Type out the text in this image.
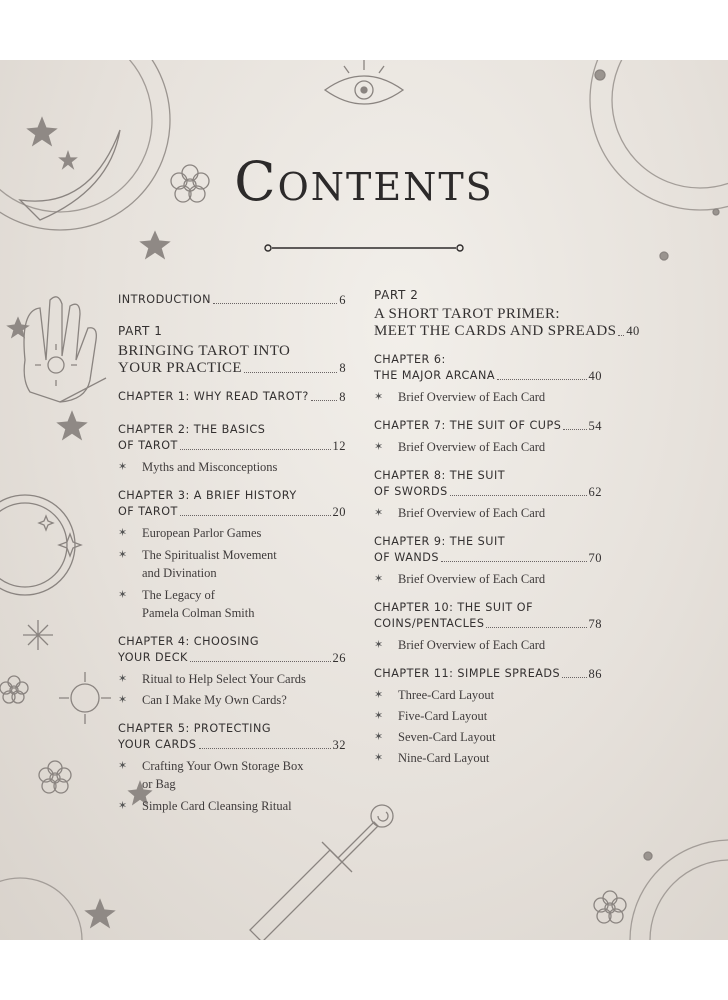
Contents
INTRODUCTION	6
PART 1
BRINGING TAROT INTO
YOUR PRACTICE	8
CHAPTER 1: WHY READ TAROT? 8
CHAPTER 2: THE BASICS
OF TAROT	12
✶	Myths and Misconceptions
CHAPTER 3: A BRIEF HISTORY
OF TAROT	20
✶	European Parlor Games
✶	The Spiritualist Movement
and Divination
✶	The Legacy of
Pamela Colman Smith
CHAPTER 4: CHOOSING
YOUR DECK	26
✶	Ritual to Help Select Your Cards
✶	Can I Make My Own Cards?
CHAPTER 5: PROTECTING
YOUR CARDS	32
✶	Crafting Your Own Storage Box
or Bag
✶	Simple Card Cleansing Ritual
PART 2
A SHORT TAROT PRIMER:
MEET THE CARDS AND SPREADS 40
CHAPTER 6:
THE MAJOR ARCANA	40
✶	Brief Overview of Each Card
CHAPTER 7: THE SUIT OF CUPS 54
✶	Brief Overview of Each Card
CHAPTER 8: THE SUIT
OF SWORDS	62
✶	Brief Overview of Each Card
CHAPTER 9: THE SUIT
OF WANDS	70
✶	Brief Overview of Each Card
CHAPTER 10: THE SUIT OF
COINS/PENTACLES	78
✶	Brief Overview of Each Card
CHAPTER 11: SIMPLE SPREADS 86
✶	Three-Card Layout
✶	Five-Card Layout
✶	Seven-Card Layout
✶	Nine-Card Layout
